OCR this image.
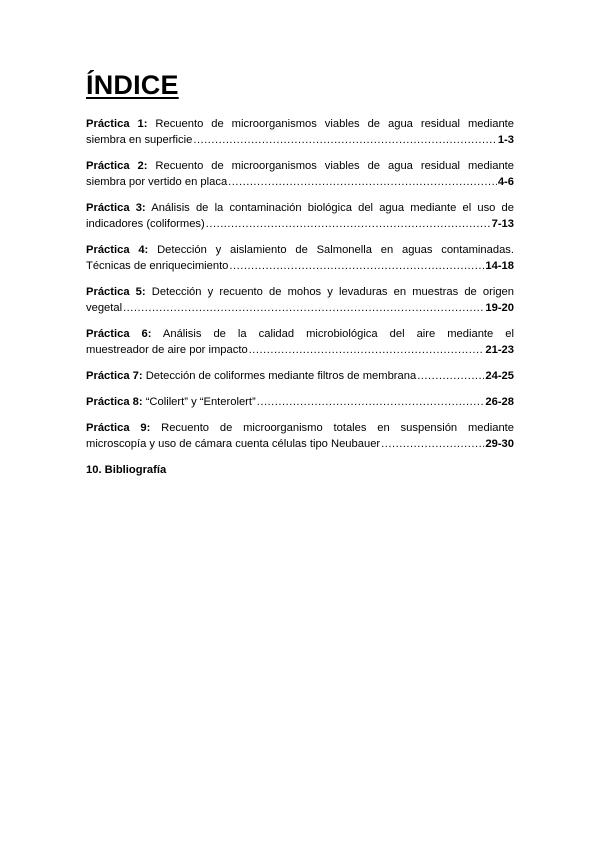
ÍNDICE
Práctica 1: Recuento de microorganismos viables de agua residual mediante
siembra en superficie .....	1-3
Práctica 2: Recuento de microorganismos viables de agua residual mediante
siembra por vertido en placa .....	4-6
Práctica 3: Análisis de la contaminación biológica del agua mediante el uso de
indicadores (coliformes) .....	7-13
Práctica 4: Detección y aislamiento de Salmonella en aguas contaminadas.
Técnicas de enriquecimiento .....	14-18
Práctica 5: Detección y recuento de mohos y levaduras en muestras de origen
vegetal .....	19-20
Práctica 6: Análisis de la calidad microbiológica del aire mediante el
muestreador de aire por impacto .....	21-23
Práctica 7: Detección de coliformes mediante filtros de membrana .....	24-25
Práctica 8: “Colilert” y “Enterolert” .....	26-28
Práctica 9: Recuento de microorganismo totales en suspensión mediante
microscopía y uso de cámara cuenta células tipo Neubauer .....	29-30
10. Bibliografía
